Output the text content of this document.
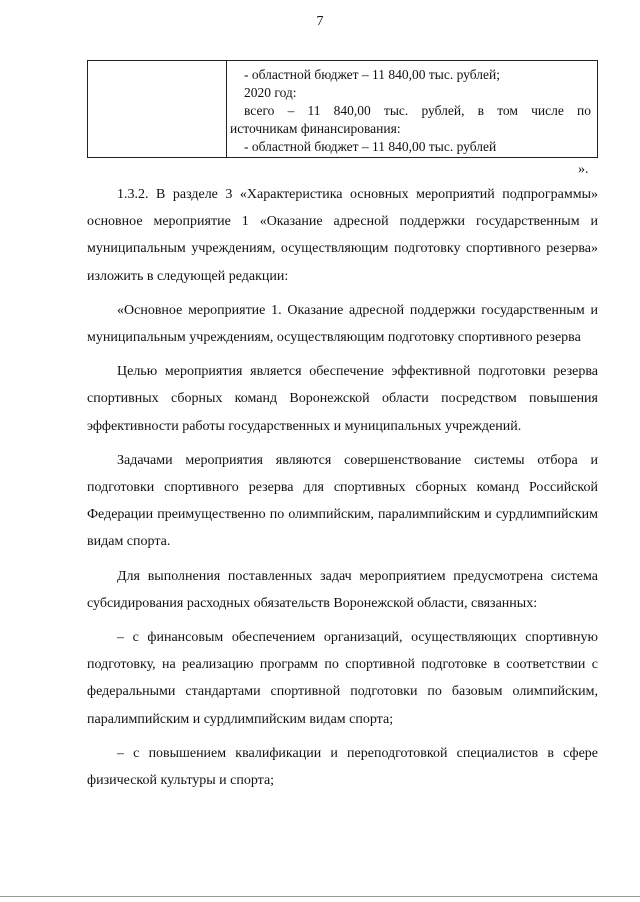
7

- областной бюджет – 11 840,00 тыс. рублей;

2020 год:

всего – 11 840,00 тыс. рублей, в том числе по

источникам финансирования:

- областной бюджет – 11 840,00 тыс. рублей

».

1.3.2. В разделе 3 «Характеристика основных мероприятий подпрограммы» основное мероприятие 1 «Оказание адресной поддержки государственным и муниципальным учреждениям, осуществляющим подготовку спортивного резерва» изложить в следующей редакции:

«Основное мероприятие 1. Оказание адресной поддержки государственным и муниципальным учреждениям, осуществляющим подготовку спортивного резерва

Целью мероприятия является обеспечение эффективной подготовки резерва спортивных сборных команд Воронежской области посредством повышения эффективности работы государственных и муниципальных учреждений.

Задачами мероприятия являются совершенствование системы отбора и подготовки спортивного резерва для спортивных сборных команд Российской Федерации преимущественно по олимпийским, паралимпийским и сурдлимпийским видам спорта.

Для выполнения поставленных задач мероприятием предусмотрена система субсидирования расходных обязательств Воронежской области, связанных:

– с финансовым обеспечением организаций, осуществляющих спортивную подготовку, на реализацию программ по спортивной подготовке в соответствии с федеральными стандартами спортивной подготовки по базовым олимпийским, паралимпийским и сурдлимпийским видам спорта;

– с повышением квалификации и переподготовкой специалистов в сфере физической культуры и спорта;
